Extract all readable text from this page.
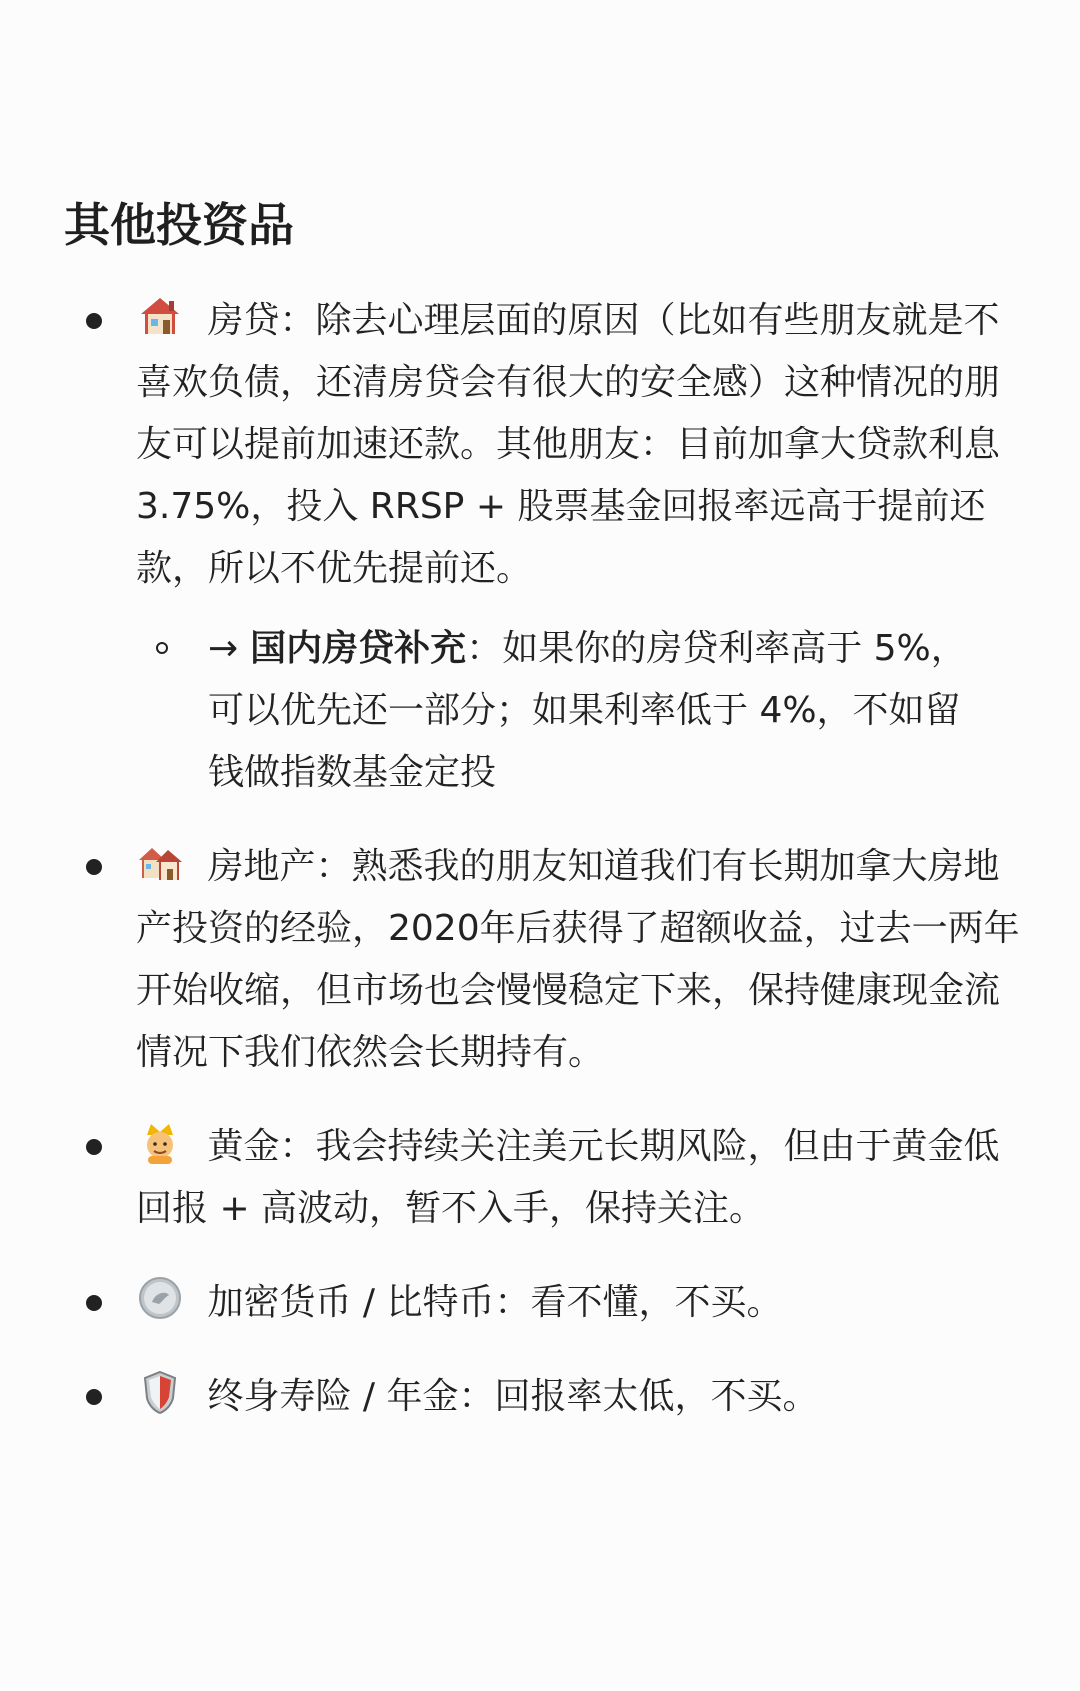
其他投资品
房贷：除去心理层面的原因（比如有些朋友就是不喜欢负债，还清房贷会有很大的安全感）这种情况的朋友可以提前加速还款。其他朋友：目前加拿大贷款利息 3.75%，投入 RRSP + 股票基金回报率远高于提前还款，所以不优先提前还。
→ 国内房贷补充：如果你的房贷利率高于 5%，可以优先还一部分；如果利率低于 4%，不如留钱做指数基金定投
房地产：熟悉我的朋友知道我们有长期加拿大房地产投资的经验，2020年后获得了超额收益，过去一两年开始收缩，但市场也会慢慢稳定下来，保持健康现金流情况下我们依然会长期持有。
黄金：我会持续关注美元长期风险，但由于黄金低回报 + 高波动，暂不入手，保持关注。
加密货币 / 比特币：看不懂，不买。
终身寿险 / 年金：回报率太低，不买。
